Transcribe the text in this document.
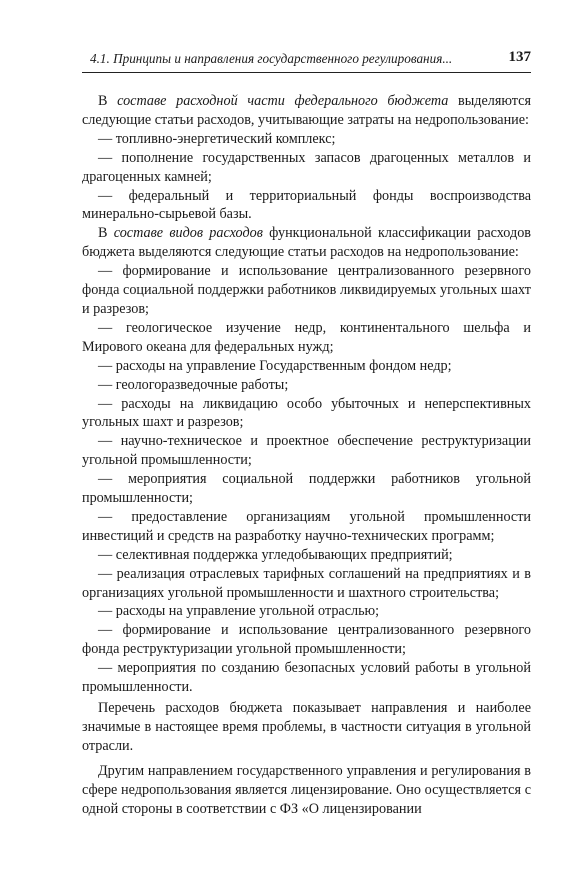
4.1. Принципы и направления государственного регулирования...	137

В составе расходной части федерального бюджета выделяются следующие статьи расходов, учитывающие затраты на недропользование:

— топливно-энергетический комплекс;

— пополнение государственных запасов драгоценных металлов и драгоценных камней;

— федеральный и территориальный фонды воспроизводства минерально-сырьевой базы.

В составе видов расходов функциональной классификации расходов бюджета выделяются следующие статьи расходов на недропользование:

— формирование и использование централизованного резервного фонда социальной поддержки работников ликвидируемых угольных шахт и разрезов;

— геологическое изучение недр, континентального шельфа и Мирового океана для федеральных нужд;

— расходы на управление Государственным фондом недр;

— геологоразведочные работы;

— расходы на ликвидацию особо убыточных и неперспективных угольных шахт и разрезов;

— научно-техническое и проектное обеспечение реструктуризации угольной промышленности;

— мероприятия социальной поддержки работников угольной промышленности;

— предоставление организациям угольной промышленности инвестиций и средств на разработку научно-технических программ;

— селективная поддержка угледобывающих предприятий;

— реализация отраслевых тарифных соглашений на предприятиях и в организациях угольной промышленности и шахтного строительства;

— расходы на управление угольной отраслью;

— формирование и использование централизованного резервного фонда реструктуризации угольной промышленности;

— мероприятия по созданию безопасных условий работы в угольной промышленности.

Перечень расходов бюджета показывает направления и наиболее значимые в настоящее время проблемы, в частности ситуация в угольной отрасли.

Другим направлением государственного управления и регулирования в сфере недропользования является лицензирование. Оно осуществляется с одной стороны в соответствии с ФЗ «О лицензировании
